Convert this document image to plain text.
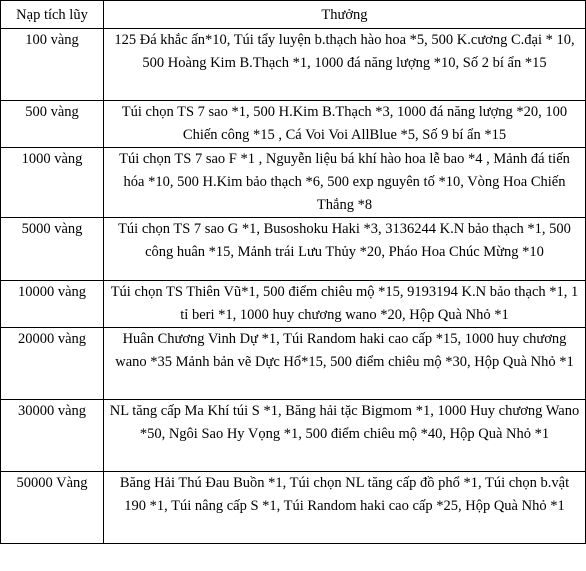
Nạp tích lũy	Thưởng
100 vàng	125 Đá khắc ấn*10, Túi tẩy luyện b.thạch hào hoa *5, 500 K.cương C.đại * 10, 500 Hoàng Kim B.Thạch *1, 1000 đá năng lượng *10, Số 2 bí ẩn *15
500 vàng	Túi chọn TS 7 sao *1, 500 H.Kim B.Thạch *3, 1000 đá năng lượng *20, 100 Chiến công *15 , Cá Voi Voi AllBlue *5, Số 9 bí ẩn *15
1000 vàng	Túi chọn TS 7 sao F *1 , Nguyễn liệu bá khí hào hoa lễ bao *4 , Mảnh đá tiến hóa *10, 500 H.Kim bảo thạch *6, 500 exp nguyên tố *10, Vòng Hoa Chiến Thắng *8
5000 vàng	Túi chọn TS 7 sao G *1, Busoshoku Haki *3, 3136244 K.N bảo thạch *1, 500 công huân *15, Mảnh trái Lưu Thủy *20, Pháo Hoa Chúc Mừng *10
10000 vàng	Túi chọn TS Thiên Vũ*1, 500 điểm chiêu mộ *15, 9193194 K.N bảo thạch *1, 1 tỉ beri *1, 1000 huy chương wano *20, Hộp Quà Nhỏ *1
20000 vàng	Huân Chương Vinh Dự *1, Túi Random haki cao cấp *15, 1000 huy chương wano *35 Mảnh bản vẽ Dực Hổ*15, 500 điểm chiêu mộ *30, Hộp Quà Nhỏ *1
30000 vàng	NL tăng cấp Ma Khí túi S *1, Băng hải tặc Bigmom *1, 1000 Huy chương Wano *50, Ngôi Sao Hy Vọng *1, 500 điểm chiêu mộ *40, Hộp Quà Nhỏ *1
50000 Vàng	Băng Hải Thú Đau Buồn *1, Túi chọn NL tăng cấp đồ phổ *1, Túi chọn b.vật 190 *1, Túi nâng cấp S *1, Túi Random haki cao cấp *25, Hộp Quà Nhỏ *1
